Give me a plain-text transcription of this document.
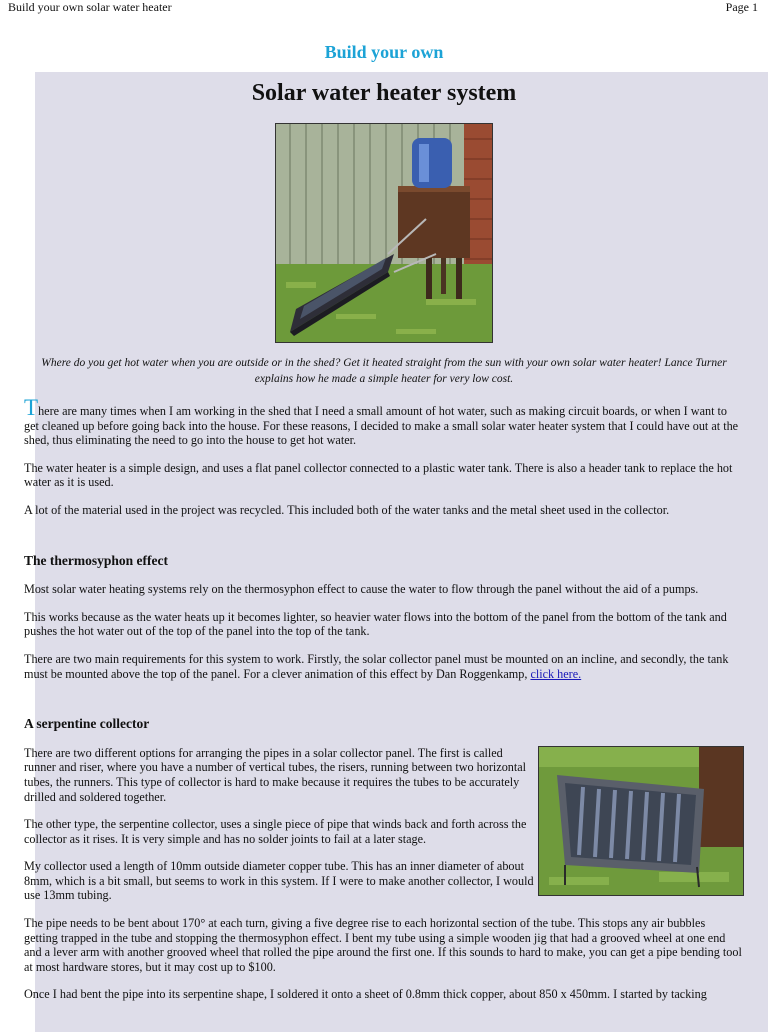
Build your own solar water heater	Page 1
Build your own
Solar water heater system
Where do you get hot water when you are outside or in the shed? Get it heated straight from the sun with your own solar water heater! Lance Turner explains how he made a simple heater for very low cost.

There are many times when I am working in the shed that I need a small amount of hot water, such as making circuit boards, or when I want to get cleaned up before going back into the house. For these reasons, I decided to make a small solar water heater system that I could have out at the shed, thus eliminating the need to go into the house to get hot water.

The water heater is a simple design, and uses a flat panel collector connected to a plastic water tank. There is also a header tank to replace the hot water as it is used.

A lot of the material used in the project was recycled. This included both of the water tanks and the metal sheet used in the collector.

The thermosyphon effect

Most solar water heating systems rely on the thermosyphon effect to cause the water to flow through the panel without the aid of a pumps.

This works because as the water heats up it becomes lighter, so heavier water flows into the bottom of the panel from the bottom of the tank and pushes the hot water out of the top of the panel into the top of the tank.

There are two main requirements for this system to work. Firstly, the solar collector panel must be mounted on an incline, and secondly, the tank must be mounted above the top of the panel. For a clever animation of this effect by Dan Roggenkamp, click here.

A serpentine collector

There are two different options for arranging the pipes in a solar collector panel. The first is called runner and riser, where you have a number of vertical tubes, the risers, running between two horizontal tubes, the runners. This type of collector is hard to make because it requires the tubes to be accurately drilled and soldered together.

The other type, the serpentine collector, uses a single piece of pipe that winds back and forth across the collector as it rises. It is very simple and has no solder joints to fail at a later stage.

My collector used a length of 10mm outside diameter copper tube. This has an inner diameter of about 8mm, which is a bit small, but seems to work in this system. If I were to make another collector, I would use 13mm tubing.

The pipe needs to be bent about 170° at each turn, giving a five degree rise to each horizontal section of the tube. This stops any air bubbles getting trapped in the tube and stopping the thermosyphon effect. I bent my tube using a simple wooden jig that had a grooved wheel at one end and a lever arm with another grooved wheel that rolled the pipe around the first one. If this sounds to hard to make, you can get a pipe bending tool at most hardware stores, but it may cost up to $100.

Once I had bent the pipe into its serpentine shape, I soldered it onto a sheet of 0.8mm thick copper, about 850 x 450mm. I started by tacking
